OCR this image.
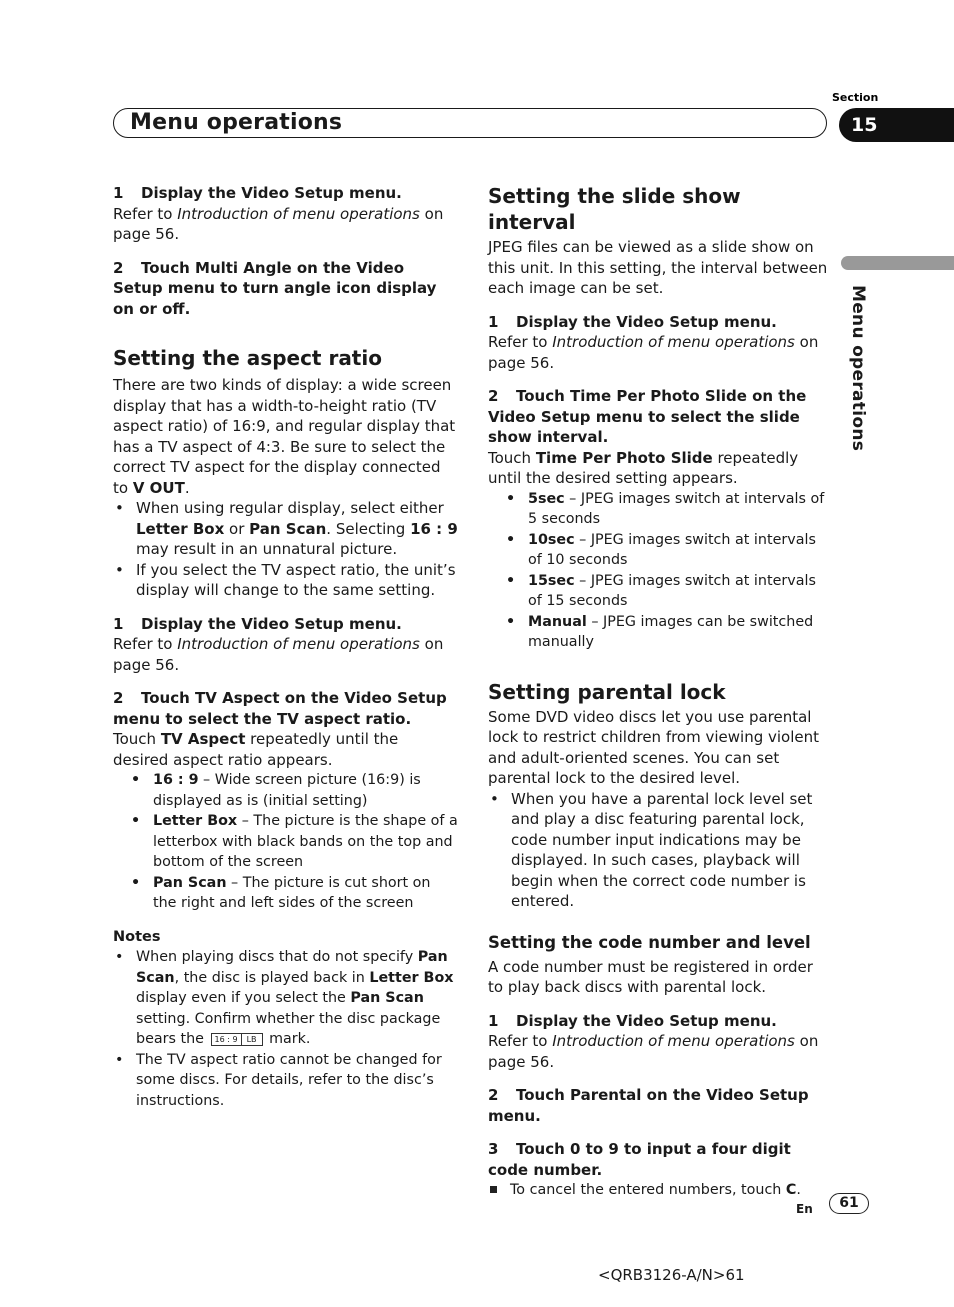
Section
Menu operations	15
Menu operations

1 Display the Video Setup menu.

Refer to Introduction of menu operations on page 56.

2 Touch Multi Angle on the Video Setup menu to turn angle icon display on or off.

Setting the aspect ratio

There are two kinds of display: a wide screen display that has a width-to-height ratio (TV aspect ratio) of 16:9, and regular display that has a TV aspect of 4:3. Be sure to select the correct TV aspect for the display connected to V OUT.

• When using regular display, select either Letter Box or Pan Scan. Selecting 16 : 9 may result in an unnatural picture.
• If you select the TV aspect ratio, the unit’s display will change to the same setting.

1 Display the Video Setup menu.

Refer to Introduction of menu operations on page 56.

2 Touch TV Aspect on the Video Setup menu to select the TV aspect ratio.

Touch TV Aspect repeatedly until the desired aspect ratio appears.

• 16 : 9 – Wide screen picture (16:9) is displayed as is (initial setting)
• Letter Box – The picture is the shape of a letterbox with black bands on the top and bottom of the screen
• Pan Scan – The picture is cut short on the right and left sides of the screen

Notes

• When playing discs that do not specify Pan Scan, the disc is played back in Letter Box display even if you select the Pan Scan setting. Confirm whether the disc package bears the 16 : 9	LB mark.
• The TV aspect ratio cannot be changed for some discs. For details, refer to the disc’s instructions.
Setting the slide show interval

JPEG files can be viewed as a slide show on this unit. In this setting, the interval between each image can be set.

1 Display the Video Setup menu.

Refer to Introduction of menu operations on page 56.

2 Touch Time Per Photo Slide on the Video Setup menu to select the slide show interval.

Touch Time Per Photo Slide repeatedly until the desired setting appears.

• 5sec – JPEG images switch at intervals of 5 seconds
• 10sec – JPEG images switch at intervals of 10 seconds
• 15sec – JPEG images switch at intervals of 15 seconds
• Manual – JPEG images can be switched manually
Setting parental lock

Some DVD video discs let you use parental lock to restrict children from viewing violent and adult-oriented scenes. You can set parental lock to the desired level.

• When you have a parental lock level set and play a disc featuring parental lock, code number input indications may be displayed. In such cases, playback will begin when the correct code number is entered.
Setting the code number and level

A code number must be registered in order to play back discs with parental lock.

1 Display the Video Setup menu.

Refer to Introduction of menu operations on page 56.

2 Touch Parental on the Video Setup menu.

3 Touch 0 to 9 to input a four digit code number.

To cancel the entered numbers, touch C.

En	61
<QRB3126-A/N>61
